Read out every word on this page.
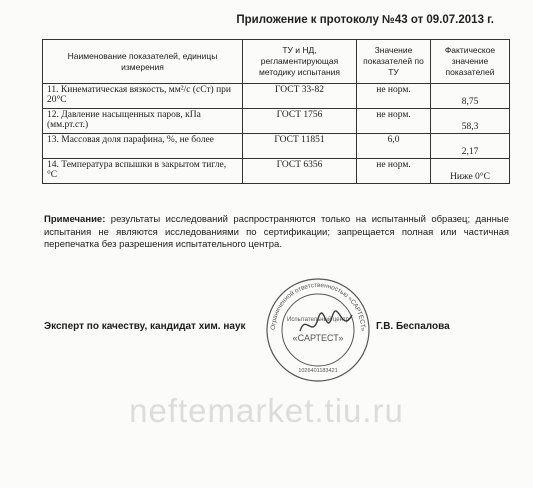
Приложение к протоколу №43 от 09.07.2013 г.
Наименование показателей, единицы измерения	ТУ и НД, регламентирующая методику испытания	Значение показателей по ТУ	Фактическое значение показателей
11. Кинематическая вязкость, мм²/с (сСт) при 20°С	ГОСТ 33-82	не норм.	8,75
12. Давление насыщенных паров, кПа (мм.рт.ст.)	ГОСТ 1756	не норм.	58,3
13. Массовая доля парафина, %, не более	ГОСТ 11851	6,0	2,17
14. Температура вспышки в закрытом тигле, °С	ГОСТ 6356	не норм.	Ниже 0°С
Примечание: результаты исследований распространяются только на испытанный образец; данные испытания не являются исследованиями по сертификации; запрещается полная или частичная перепечатка без разрешения испытательного центра.
Ограниченной ответственностью «САРТЕСТ»
Испытательный центр
«САРТЕСТ»
1026401183421
Эксперт по качеству, кандидат хим. наук	Г.В. Беспалова
neftemarket.tiu.ru
